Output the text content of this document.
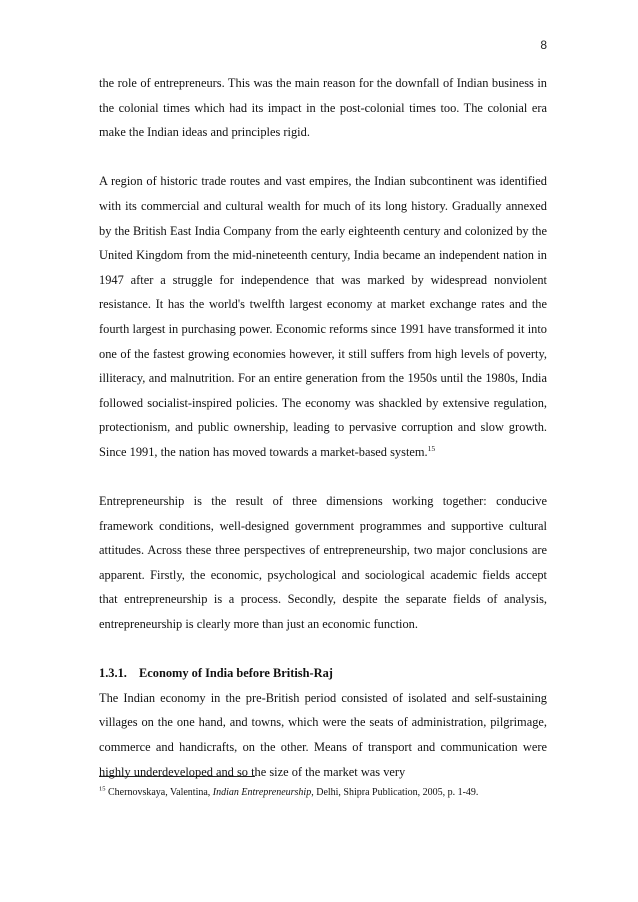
8

the role of entrepreneurs. This was the main reason for the downfall of Indian business in the colonial times which had its impact in the post-colonial times too. The colonial era make the Indian ideas and principles rigid.

A region of historic trade routes and vast empires, the Indian subcontinent was identified with its commercial and cultural wealth for much of its long history. Gradually annexed by the British East India Company from the early eighteenth century and colonized by the United Kingdom from the mid-nineteenth century, India became an independent nation in 1947 after a struggle for independence that was marked by widespread nonviolent resistance. It has the world's twelfth largest economy at market exchange rates and the fourth largest in purchasing power. Economic reforms since 1991 have transformed it into one of the fastest growing economies however, it still suffers from high levels of poverty, illiteracy, and malnutrition. For an entire generation from the 1950s until the 1980s, India followed socialist-inspired policies. The economy was shackled by extensive regulation, protectionism, and public ownership, leading to pervasive corruption and slow growth. Since 1991, the nation has moved towards a market-based system.$^{15}$

Entrepreneurship is the result of three dimensions working together: conducive framework conditions, well-designed government programmes and supportive cultural attitudes. Across these three perspectives of entrepreneurship, two major conclusions are apparent. Firstly, the economic, psychological and sociological academic fields accept that entrepreneurship is a process. Secondly, despite the separate fields of analysis, entrepreneurship is clearly more than just an economic function.

1.3.1. Economy of India before British-Raj

The Indian economy in the pre-British period consisted of isolated and self-sustaining villages on the one hand, and towns, which were the seats of administration, pilgrimage, commerce and handicrafts, on the other. Means of transport and communication were highly underdeveloped and so the size of the market was very

$^{15}$ Chernovskaya, Valentina, Indian Entrepreneurship, Delhi, Shipra Publication, 2005, p. 1-49.
